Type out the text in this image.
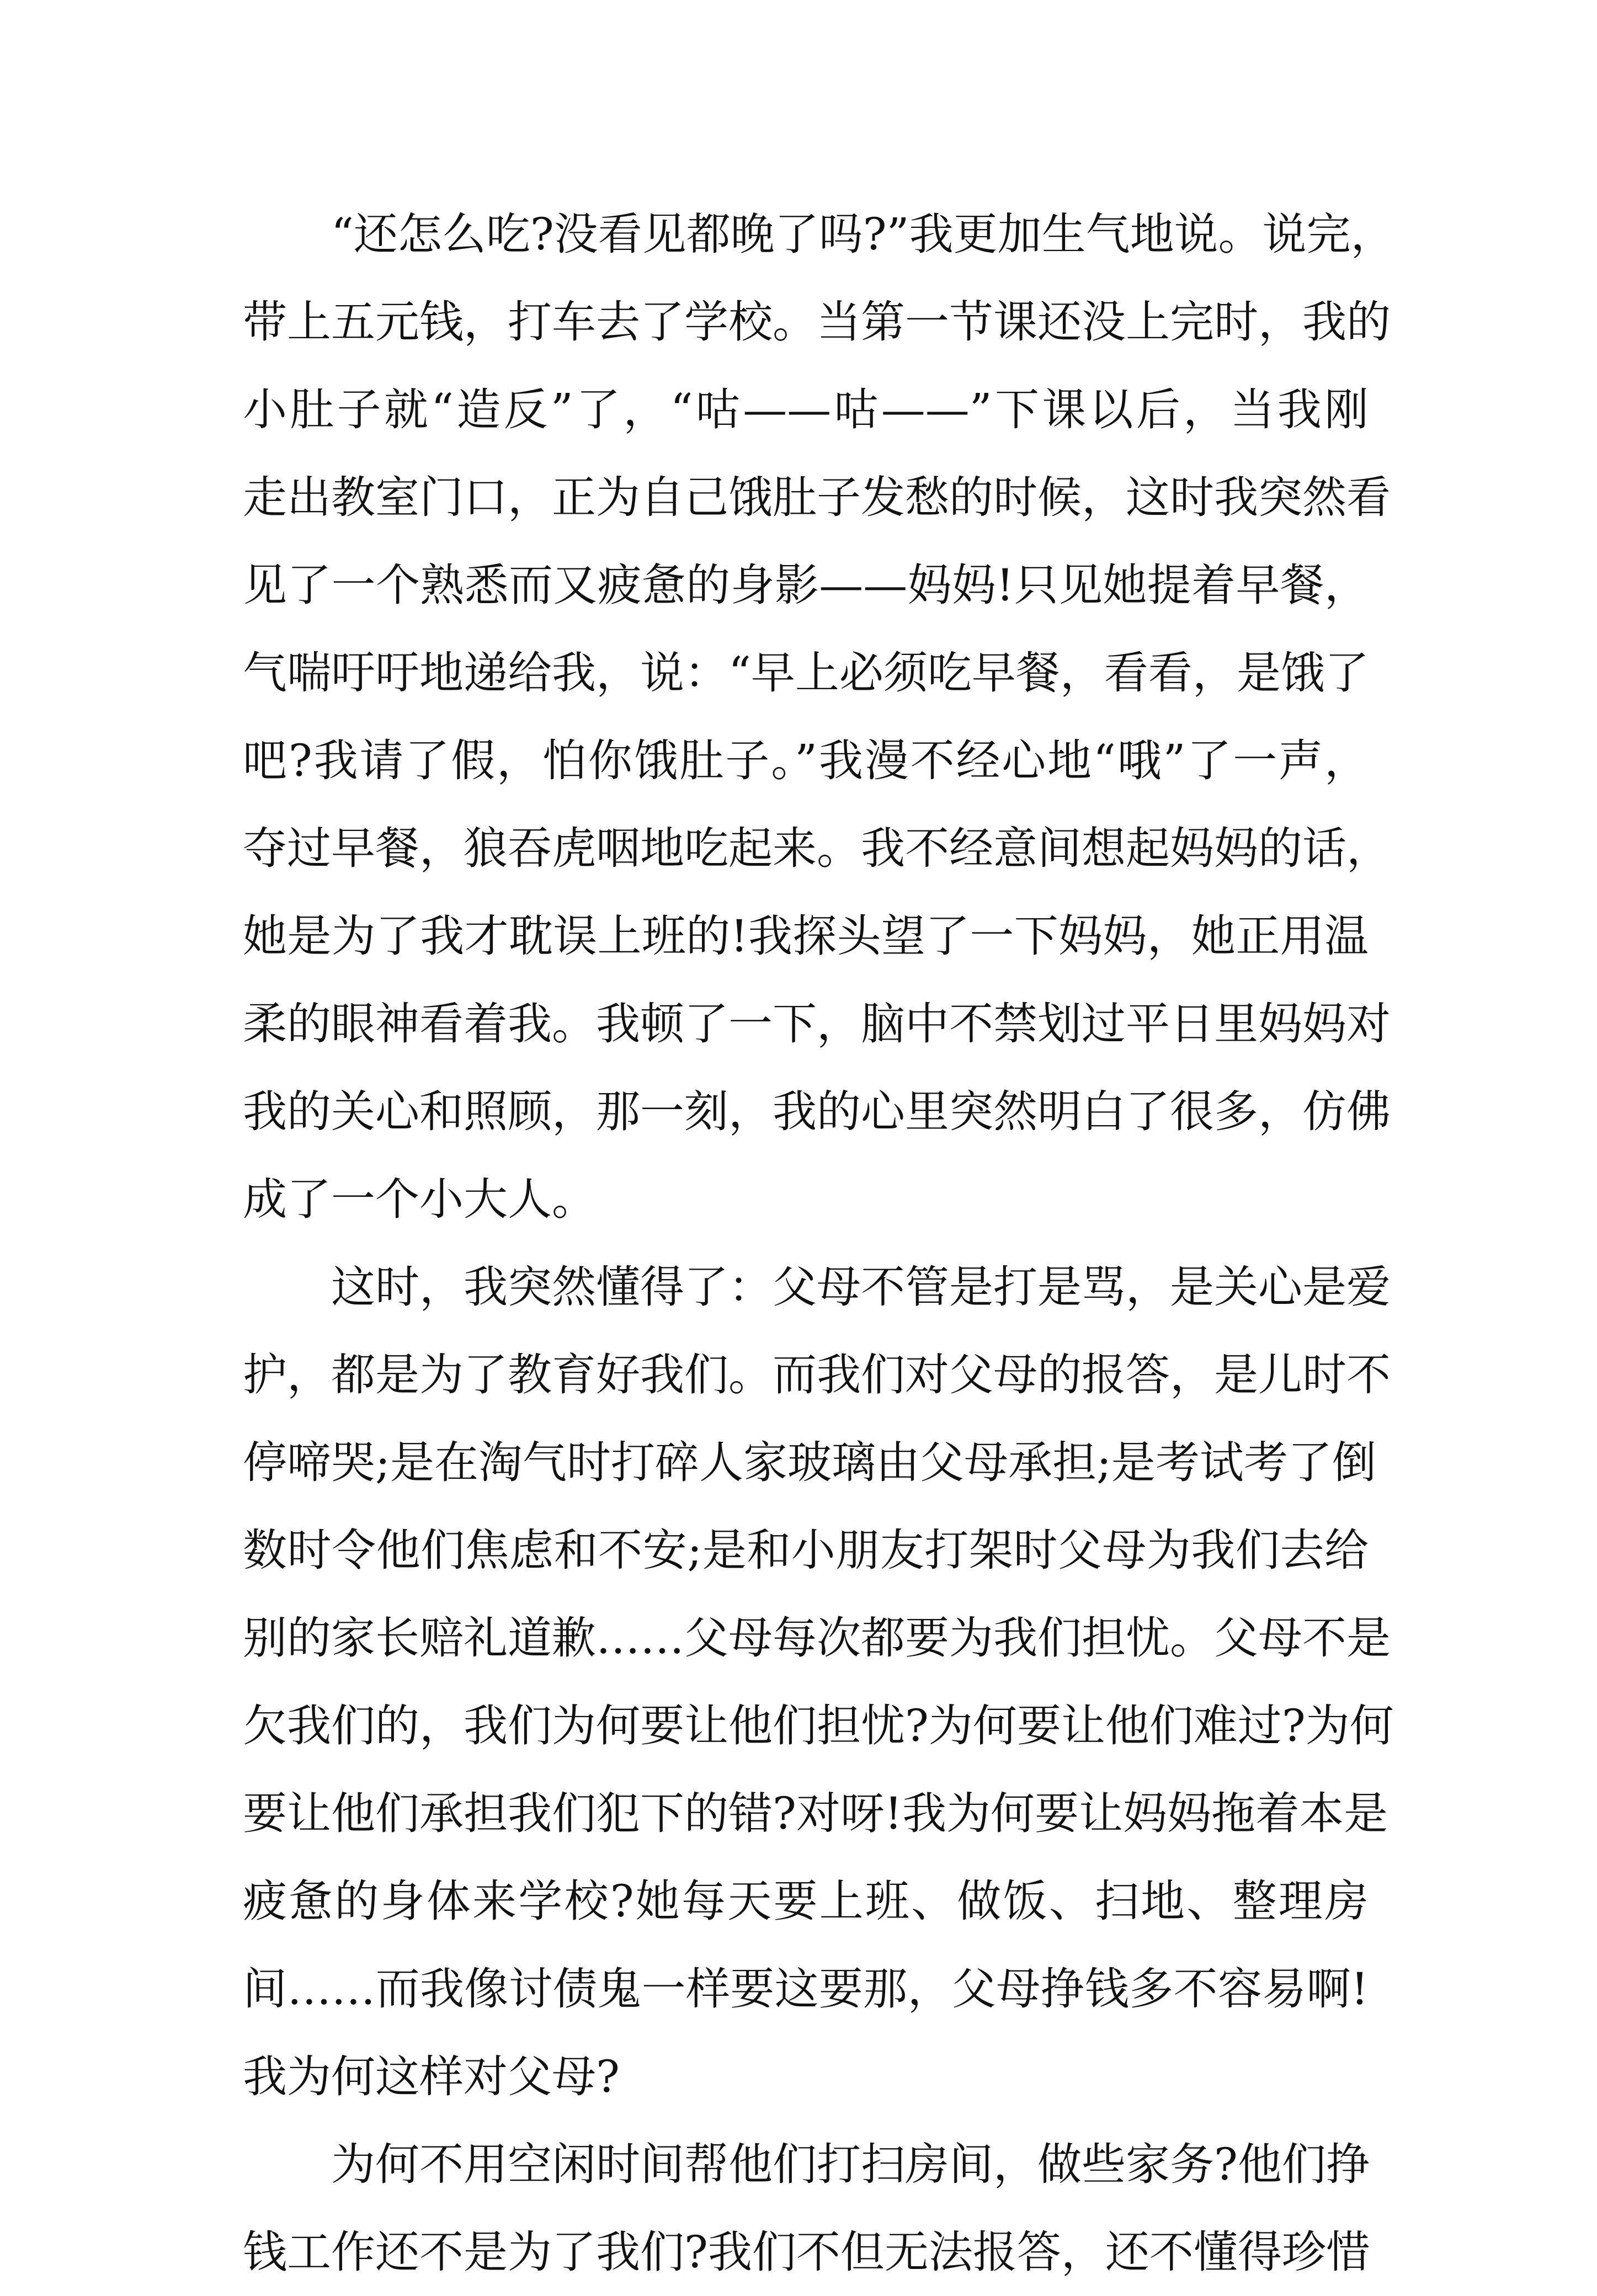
“还怎么吃?没看见都晚了吗?”我更加生气地说。说完，
带上五元钱，打车去了学校。当第一节课还没上完时，我的
小肚子就“造反”了，“咕——咕——”下课以后，当我刚
走出教室门口，正为自己饿肚子发愁的时候，这时我突然看
见了一个熟悉而又疲惫的身影——妈妈!只见她提着早餐，
气喘吁吁地递给我，说：“早上必须吃早餐，看看，是饿了
吧?我请了假，怕你饿肚子。”我漫不经心地“哦”了一声，
夺过早餐，狼吞虎咽地吃起来。我不经意间想起妈妈的话，
她是为了我才耽误上班的!我探头望了一下妈妈，她正用温
柔的眼神看着我。我顿了一下，脑中不禁划过平日里妈妈对
我的关心和照顾，那一刻，我的心里突然明白了很多，仿佛
成了一个小大人。
这时，我突然懂得了：父母不管是打是骂，是关心是爱
护，都是为了教育好我们。而我们对父母的报答，是儿时不
停啼哭;是在淘气时打碎人家玻璃由父母承担;是考试考了倒
数时令他们焦虑和不安;是和小朋友打架时父母为我们去给
别的家长赔礼道歉……父母每次都要为我们担忧。父母不是
欠我们的，我们为何要让他们担忧?为何要让他们难过?为何
要让他们承担我们犯下的错?对呀!我为何要让妈妈拖着本是
疲惫的身体来学校?她每天要上班、做饭、扫地、整理房
间……而我像讨债鬼一样要这要那，父母挣钱多不容易啊!
我为何这样对父母?
为何不用空闲时间帮他们打扫房间，做些家务?他们挣
钱工作还不是为了我们?我们不但无法报答，还不懂得珍惜
